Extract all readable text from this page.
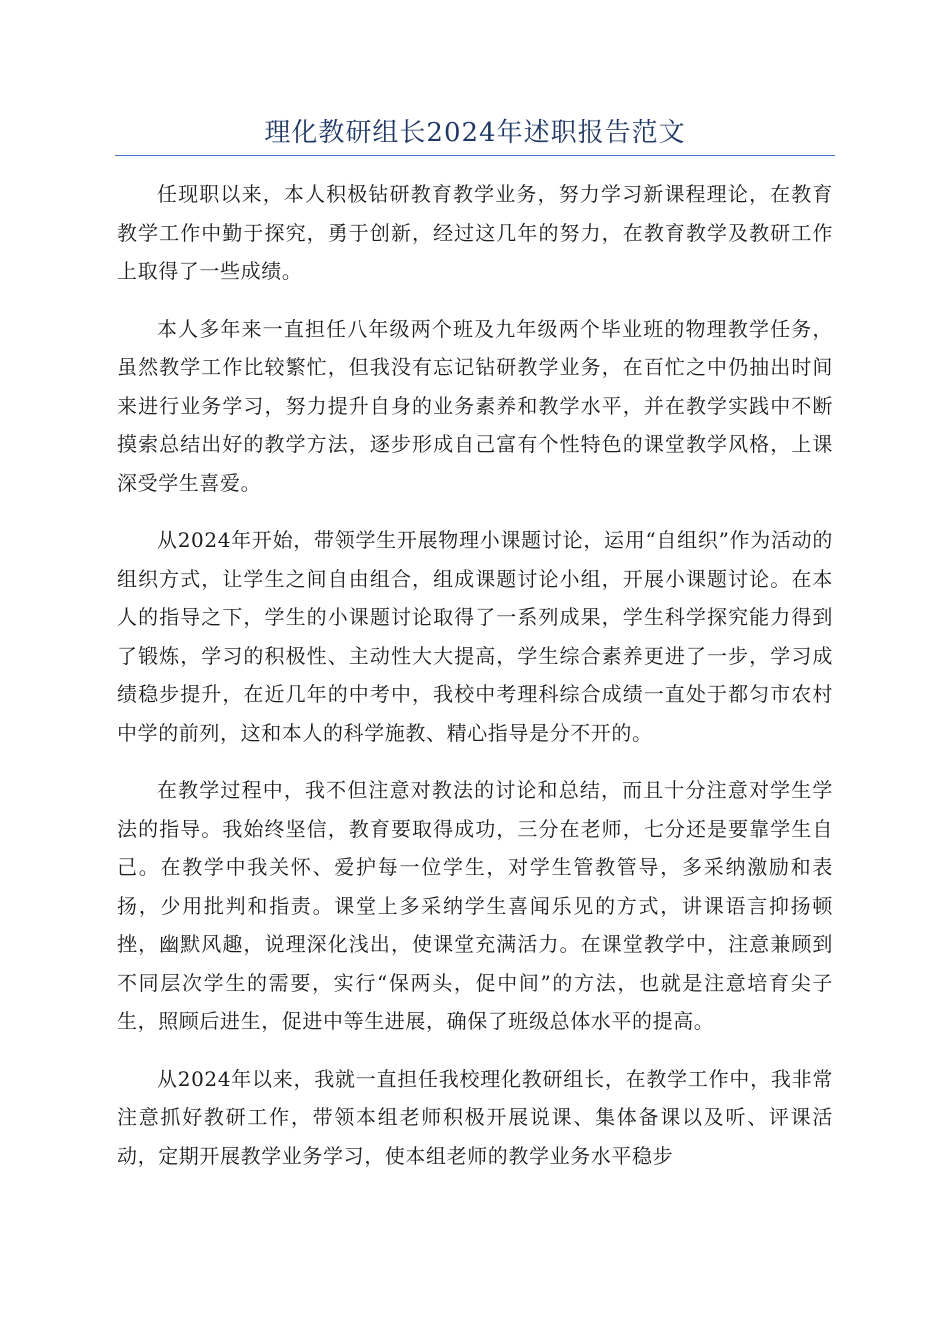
理化教研组长2024年述职报告范文

任现职以来，本人积极钻研教育教学业务，努力学习新课程理论，在教育教学工作中勤于探究，勇于创新，经过这几年的努力，在教育教学及教研工作上取得了一些成绩。

本人多年来一直担任八年级两个班及九年级两个毕业班的物理教学任务，虽然教学工作比较繁忙，但我没有忘记钻研教学业务，在百忙之中仍抽出时间来进行业务学习，努力提升自身的业务素养和教学水平，并在教学实践中不断摸索总结出好的教学方法，逐步形成自己富有个性特色的课堂教学风格，上课深受学生喜爱。

从2024年开始，带领学生开展物理小课题讨论，运用“自组织”作为活动的组织方式，让学生之间自由组合，组成课题讨论小组，开展小课题讨论。在本人的指导之下，学生的小课题讨论取得了一系列成果，学生科学探究能力得到了锻炼，学习的积极性、主动性大大提高，学生综合素养更进了一步，学习成绩稳步提升，在近几年的中考中，我校中考理科综合成绩一直处于都匀市农村中学的前列，这和本人的科学施教、精心指导是分不开的。

在教学过程中，我不但注意对教法的讨论和总结，而且十分注意对学生学法的指导。我始终坚信，教育要取得成功，三分在老师，七分还是要靠学生自己。在教学中我关怀、爱护每一位学生，对学生管教管导，多采纳激励和表扬，少用批判和指责。课堂上多采纳学生喜闻乐见的方式，讲课语言抑扬顿挫，幽默风趣，说理深化浅出，使课堂充满活力。在课堂教学中，注意兼顾到不同层次学生的需要，实行“保两头，促中间”的方法，也就是注意培育尖子生，照顾后进生，促进中等生进展，确保了班级总体水平的提高。

从2024年以来，我就一直担任我校理化教研组长，在教学工作中，我非常注意抓好教研工作，带领本组老师积极开展说课、集体备课以及听、评课活动，定期开展教学业务学习，使本组老师的教学业务水平稳步
